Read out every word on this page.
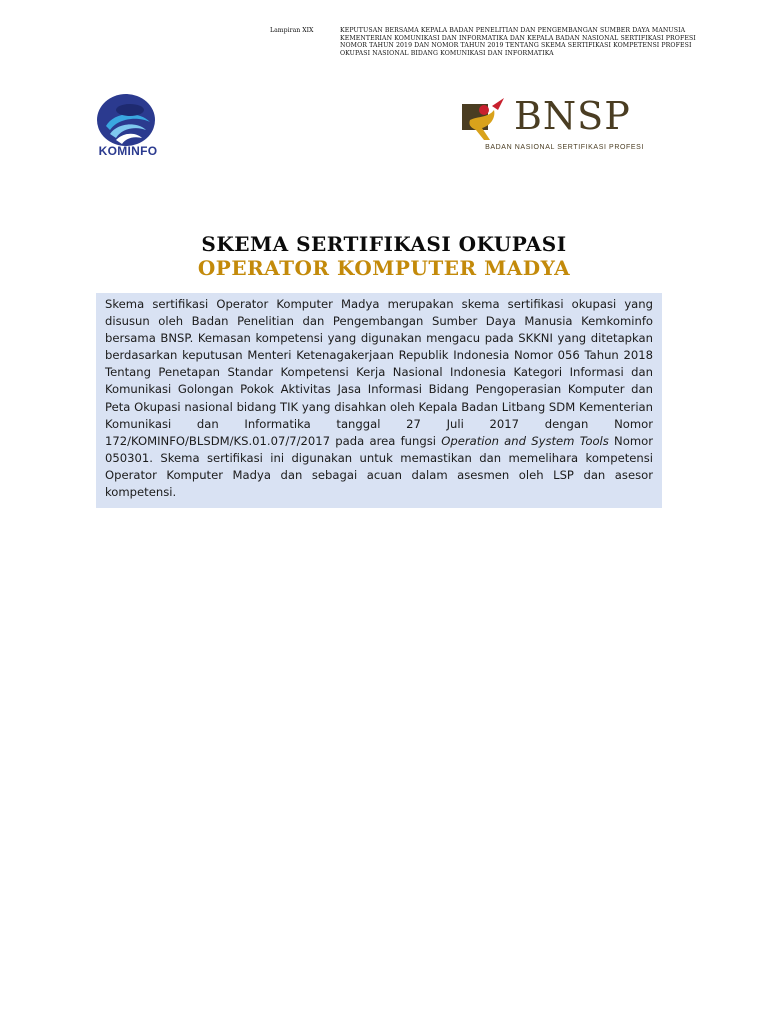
Lampiran XIX	KEPUTUSAN BERSAMA KEPALA BADAN PENELITIAN DAN PENGEMBANGAN SUMBER DAYA MANUSIA KEMENTERIAN KOMUNIKASI DAN INFORMATIKA DAN KEPALA BADAN NASIONAL SERTIFIKASI PROFESI NOMOR TAHUN 2019 DAN NOMOR TAHUN 2019 TENTANG SKEMA SERTIFIKASI KOMPETENSI PROFESI OKUPASI NASIONAL BIDANG KOMUNIKASI DAN INFORMATIKA
KOMINFO
BNSP
BADAN NASIONAL SERTIFIKASI PROFESI
SKEMA SERTIFIKASI OKUPASI
OPERATOR KOMPUTER MADYA
Skema sertifikasi Operator Komputer Madya merupakan skema sertifikasi okupasi yang disusun oleh Badan Penelitian dan Pengembangan Sumber Daya Manusia Kemkominfo bersama BNSP. Kemasan kompetensi yang digunakan mengacu pada SKKNI yang ditetapkan berdasarkan keputusan Menteri Ketenagakerjaan Republik Indonesia Nomor 056 Tahun 2018 Tentang Penetapan Standar Kompetensi Kerja Nasional Indonesia Kategori Informasi dan Komunikasi Golongan Pokok Aktivitas Jasa Informasi Bidang Pengoperasian Komputer dan Peta Okupasi nasional bidang TIK yang disahkan oleh Kepala Badan Litbang SDM Kementerian Komunikasi dan Informatika tanggal 27 Juli 2017 dengan Nomor 172/KOMINFO/BLSDM/KS.01.07/7/2017 pada area fungsi Operation and System Tools Nomor 050301. Skema sertifikasi ini digunakan untuk memastikan dan memelihara kompetensi Operator Komputer Madya dan sebagai acuan dalam asesmen oleh LSP dan asesor kompetensi.
